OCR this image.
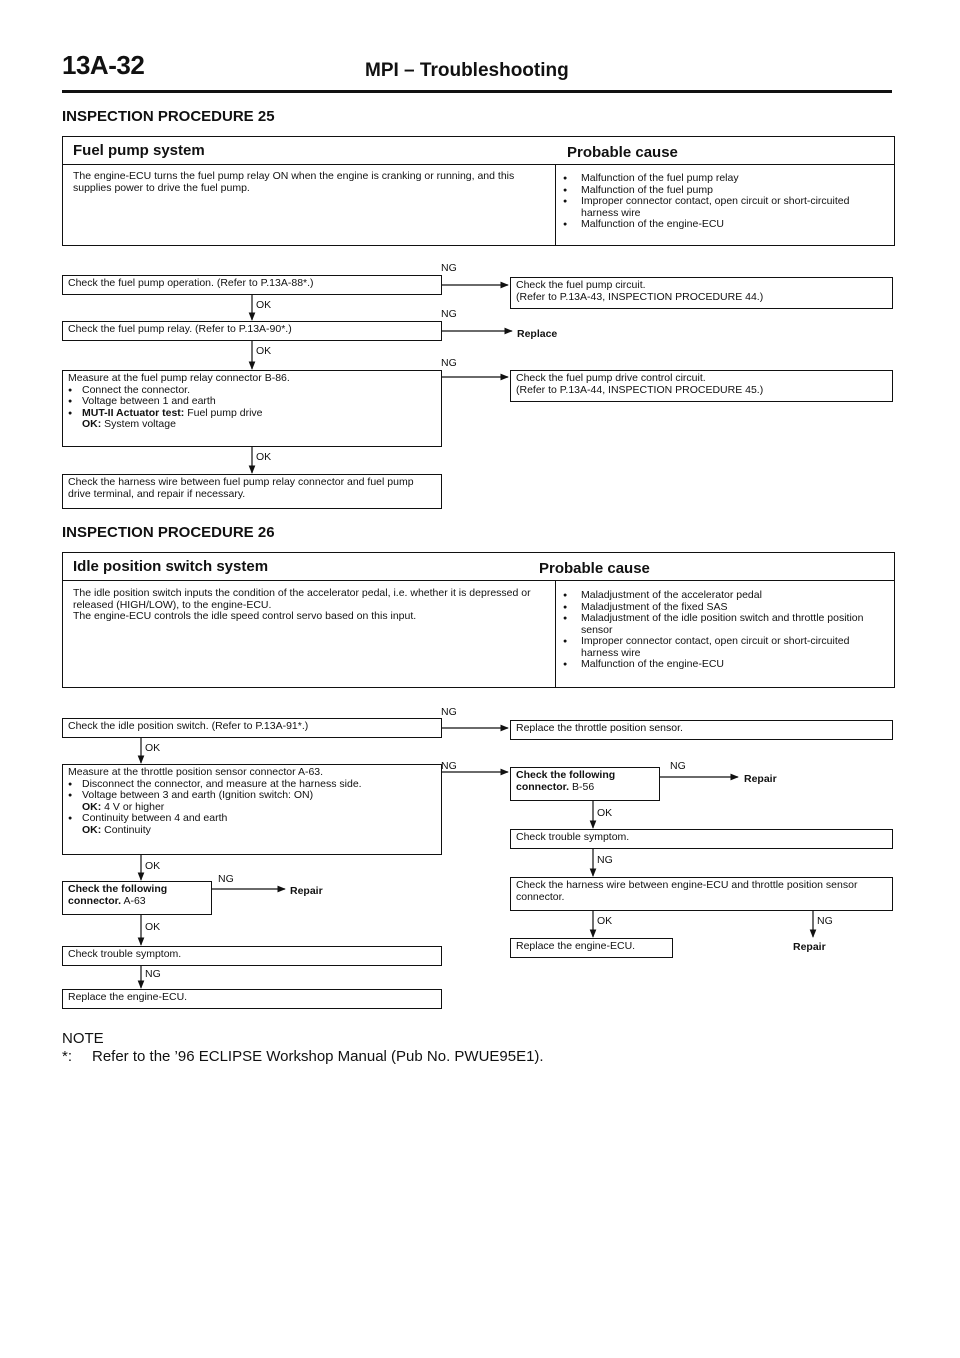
13A-32	MPI – Troubleshooting
INSPECTION PROCEDURE 25
Fuel pump system	Probable cause
The engine-ECU turns the fuel pump relay ON when the engine is cranking or running, and this supplies power to drive the fuel pump.
● Malfunction of the fuel pump relay
● Malfunction of the fuel pump
● Improper connector contact, open circuit or short-circuited harness wire
● Malfunction of the engine-ECU
Check the fuel pump operation. (Refer to P.13A-88*.)	Check the fuel pump circuit.
(Refer to P.13A-43, INSPECTION PROCEDURE 44.)
Check the fuel pump relay. (Refer to P.13A-90*.)	Replace
Measure at the fuel pump relay connector B-86.
● Connect the connector.
● Voltage between 1 and earth
● MUT-II Actuator test: Fuel pump drive
OK: System voltage
Check the fuel pump drive control circuit.
(Refer to P.13A-44, INSPECTION PROCEDURE 45.)
Check the harness wire between fuel pump relay connector and fuel pump drive terminal, and repair if necessary.
NG
OK
NG
OK
NG
OK
INSPECTION PROCEDURE 26
Idle position switch system	Probable cause
The idle position switch inputs the condition of the accelerator pedal, i.e. whether it is depressed or released (HIGH/LOW), to the engine-ECU.
The engine-ECU controls the idle speed control servo based on this input.
● Maladjustment of the accelerator pedal
● Maladjustment of the fixed SAS
● Maladjustment of the idle position switch and throttle position sensor
● Improper connector contact, open circuit or short-circuited harness wire
● Malfunction of the engine-ECU
Check the idle position switch. (Refer to P.13A-91*.)	Replace the throttle position sensor.
Measure at the throttle position sensor connector A-63.
● Disconnect the connector, and measure at the harness side.
● Voltage between 3 and earth (Ignition switch: ON)
OK: 4 V or higher
● Continuity between 4 and earth
OK: Continuity
Check the following
connector. B-56
Repair
Check trouble symptom.
Check the harness wire between engine-ECU and throttle position sensor connector.
Replace the engine-ECU.	Repair
Check the following
connector. A-63
Repair
Check trouble symptom.
Replace the engine-ECU.
NG
OK
NG	NG
OK
NG
OK
NG
OK	NG
OK
NG
NOTE
*: Refer to the ’96 ECLIPSE Workshop Manual (Pub No. PWUE95E1).
